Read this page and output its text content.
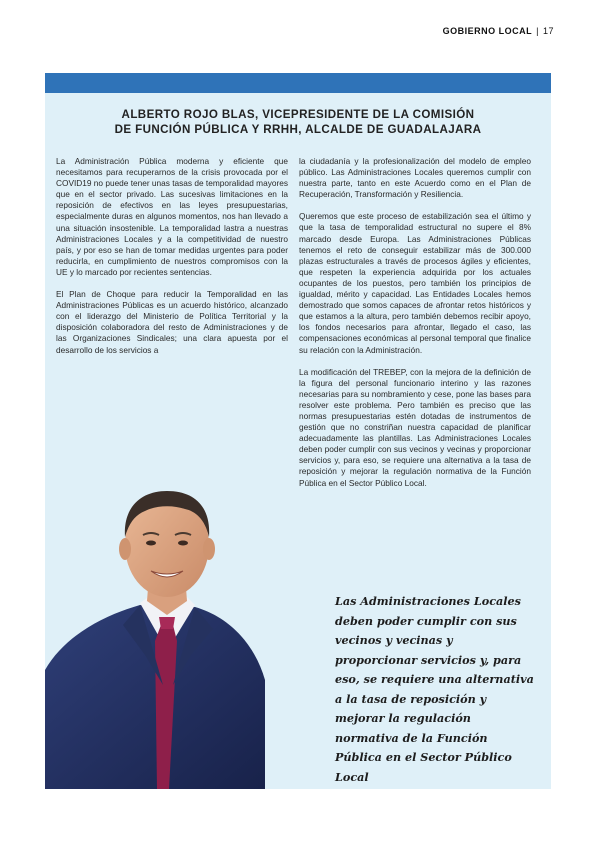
GOBIERNO LOCAL | 17
ALBERTO ROJO BLAS, VICEPRESIDENTE DE LA COMISIÓN
DE FUNCIÓN PÚBLICA Y RRHH, ALCALDE DE GUADALAJARA

La Administración Pública moderna y eficiente que necesitamos para recuperarnos de la crisis provocada por el COVID19 no puede tener unas tasas de temporalidad mayores que en el sector privado. Las sucesivas limitaciones en la reposición de efectivos en las leyes presupuestarias, especialmente duras en algunos momentos, nos han llevado a una situación insostenible. La temporalidad lastra a nuestras Administraciones Locales y a la competitividad de nuestro país, y por eso se han de tomar medidas urgentes para poder reducirla, en cumplimiento de nuestros compromisos con la UE y lo marcado por recientes sentencias.

El Plan de Choque para reducir la Temporalidad en las Administraciones Públicas es un acuerdo histórico, alcanzado con el liderazgo del Ministerio de Política Territorial y la disposición colaboradora del resto de Administraciones y de las Organizaciones Sindicales; una clara apuesta por el desarrollo de los servicios a

la ciudadanía y la profesionalización del modelo de empleo público. Las Administraciones Locales queremos cumplir con nuestra parte, tanto en este Acuerdo como en el Plan de Recuperación, Transformación y Resiliencia.

Queremos que este proceso de estabilización sea el último y que la tasa de temporalidad estructural no supere el 8% marcado desde Europa. Las Administraciones Públicas tenemos el reto de conseguir estabilizar más de 300.000 plazas estructurales a través de procesos ágiles y eficientes, que respeten la experiencia adquirida por los actuales ocupantes de los puestos, pero también los principios de igualdad, mérito y capacidad. Las Entidades Locales hemos demostrado que somos capaces de afrontar retos históricos y que estamos a la altura, pero también debemos recibir apoyo, los fondos necesarios para afrontar, llegado el caso, las compensaciones económicas al personal temporal que finalice su relación con la Administración.

La modificación del TREBEP, con la mejora de la definición de la figura del personal funcionario interino y las razones necesarias para su nombramiento y cese, pone las bases para resolver este problema. Pero también es preciso que las normas presupuestarias estén dotadas de instrumentos de gestión que no constriñan nuestra capacidad de planificar adecuadamente las plantillas. Las Administraciones Locales deben poder cumplir con sus vecinos y vecinas y proporcionar servicios y, para eso, se requiere una alternativa a la tasa de reposición y mejorar la regulación normativa de la Función Pública en el Sector Público Local.

Las Administraciones Locales deben poder cumplir con sus vecinos y vecinas y proporcionar servicios y, para eso, se requiere una alternativa a la tasa de reposición y mejorar la regulación normativa de la Función Pública en el Sector Público Local
